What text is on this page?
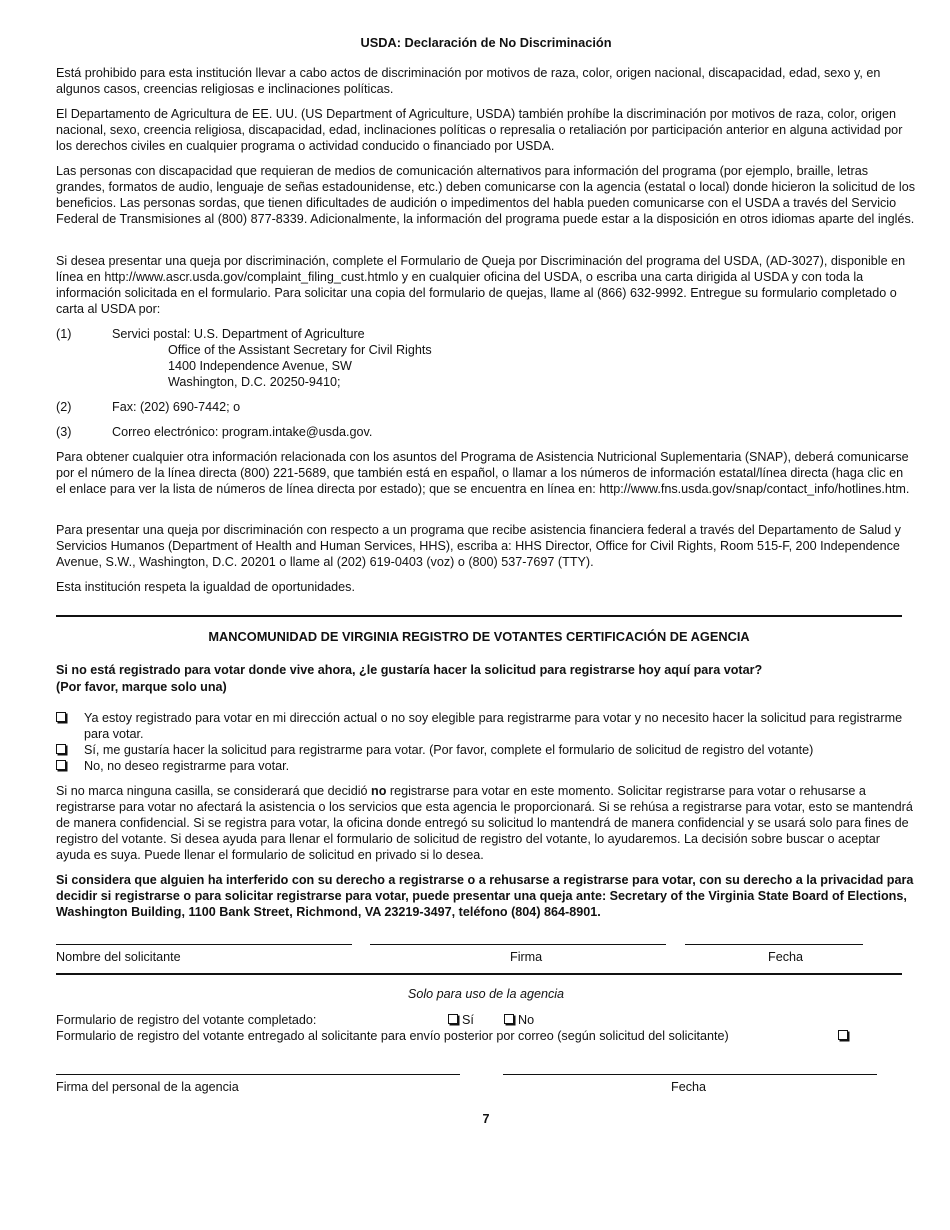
USDA: Declaración de No Discriminación

Está prohibido para esta institución llevar a cabo actos de discriminación por motivos de raza, color, origen nacional, discapacidad, edad, sexo y, en algunos casos, creencias religiosas e inclinaciones políticas.

El Departamento de Agricultura de EE. UU. (US Department of Agriculture, USDA) también prohíbe la discriminación por motivos de raza, color, origen nacional, sexo, creencia religiosa, discapacidad, edad, inclinaciones políticas o represalia o retaliación por participación anterior en alguna actividad por los derechos civiles en cualquier programa o actividad conducido o financiado por USDA.

Las personas con discapacidad que requieran de medios de comunicación alternativos para información del programa (por ejemplo, braille, letras grandes, formatos de audio, lenguaje de señas estadounidense, etc.) deben comunicarse con la agencia (estatal o local) donde hicieron la solicitud de los beneficios. Las personas sordas, que tienen dificultades de audición o impedimentos del habla pueden comunicarse con el USDA a través del Servicio Federal de Transmisiones al (800) 877-8339. Adicionalmente, la información del programa puede estar a la disposición en otros idiomas aparte del inglés.

Si desea presentar una queja por discriminación, complete el Formulario de Queja por Discriminación del programa del USDA, (AD-3027), disponible en línea en http://www.ascr.usda.gov/complaint_filing_cust.htmlo y en cualquier oficina del USDA, o escriba una carta dirigida al USDA y con toda la información solicitada en el formulario. Para solicitar una copia del formulario de quejas, llame al (866) 632-9992. Entregue su formulario completado o carta al USDA por:

(1)	Servici postal: U.S. Department of Agriculture
Office of the Assistant Secretary for Civil Rights
1400 Independence Avenue, SW
Washington, D.C. 20250-9410;
(2)	Fax: (202) 690-7442; o
(3)	Correo electrónico: program.intake@usda.gov.

Para obtener cualquier otra información relacionada con los asuntos del Programa de Asistencia Nutricional Suplementaria (SNAP), deberá comunicarse por el número de la línea directa (800) 221-5689, que también está en español, o llamar a los números de información estatal/línea directa (haga clic en el enlace para ver la lista de números de línea directa por estado); que se encuentra en línea en: http://www.fns.usda.gov/snap/contact_info/hotlines.htm.

Para presentar una queja por discriminación con respecto a un programa que recibe asistencia financiera federal a través del Departamento de Salud y Servicios Humanos (Department of Health and Human Services, HHS), escriba a: HHS Director, Office for Civil Rights, Room 515-F, 200 Independence Avenue, S.W., Washington, D.C. 20201 o llame al (202) 619-0403 (voz) o (800) 537-7697 (TTY).

Esta institución respeta la igualdad de oportunidades.

MANCOMUNIDAD DE VIRGINIA REGISTRO DE VOTANTES CERTIFICACIÓN DE AGENCIA

Si no está registrado para votar donde vive ahora, ¿le gustaría hacer la solicitud para registrarse hoy aquí para votar?

(Por favor, marque solo una)

Ya estoy registrado para votar en mi dirección actual o no soy elegible para registrarme para votar y no necesito hacer la solicitud para registrarme para votar.
Sí, me gustaría hacer la solicitud para registrarme para votar. (Por favor, complete el formulario de solicitud de registro del votante)
No, no deseo registrarme para votar.

Si no marca ninguna casilla, se considerará que decidió no registrarse para votar en este momento. Solicitar registrarse para votar o rehusarse a registrarse para votar no afectará la asistencia o los servicios que esta agencia le proporcionará. Si se rehúsa a registrarse para votar, esto se mantendrá de manera confidencial. Si se registra para votar, la oficina donde entregó su solicitud lo mantendrá de manera confidencial y se usará solo para fines de registro del votante. Si desea ayuda para llenar el formulario de solicitud de registro del votante, lo ayudaremos. La decisión sobre buscar o aceptar ayuda es suya. Puede llenar el formulario de solicitud en privado si lo desea.

Si considera que alguien ha interferido con su derecho a registrarse o a rehusarse a registrarse para votar, con su derecho a la privacidad para decidir si registrarse o para solicitar registrarse para votar, puede presentar una queja ante: Secretary of the Virginia State Board of Elections, Washington Building, 1100 Bank Street, Richmond, VA 23219-3497, teléfono (804) 864-8901.

Nombre del solicitante	Firma	Fecha
Solo para uso de la agencia
Formulario de registro del votante completado:	Sí	No
Formulario de registro del votante entregado al solicitante para envío posterior por correo (según solicitud del solicitante)
Firma del personal de la agencia	Fecha
7
